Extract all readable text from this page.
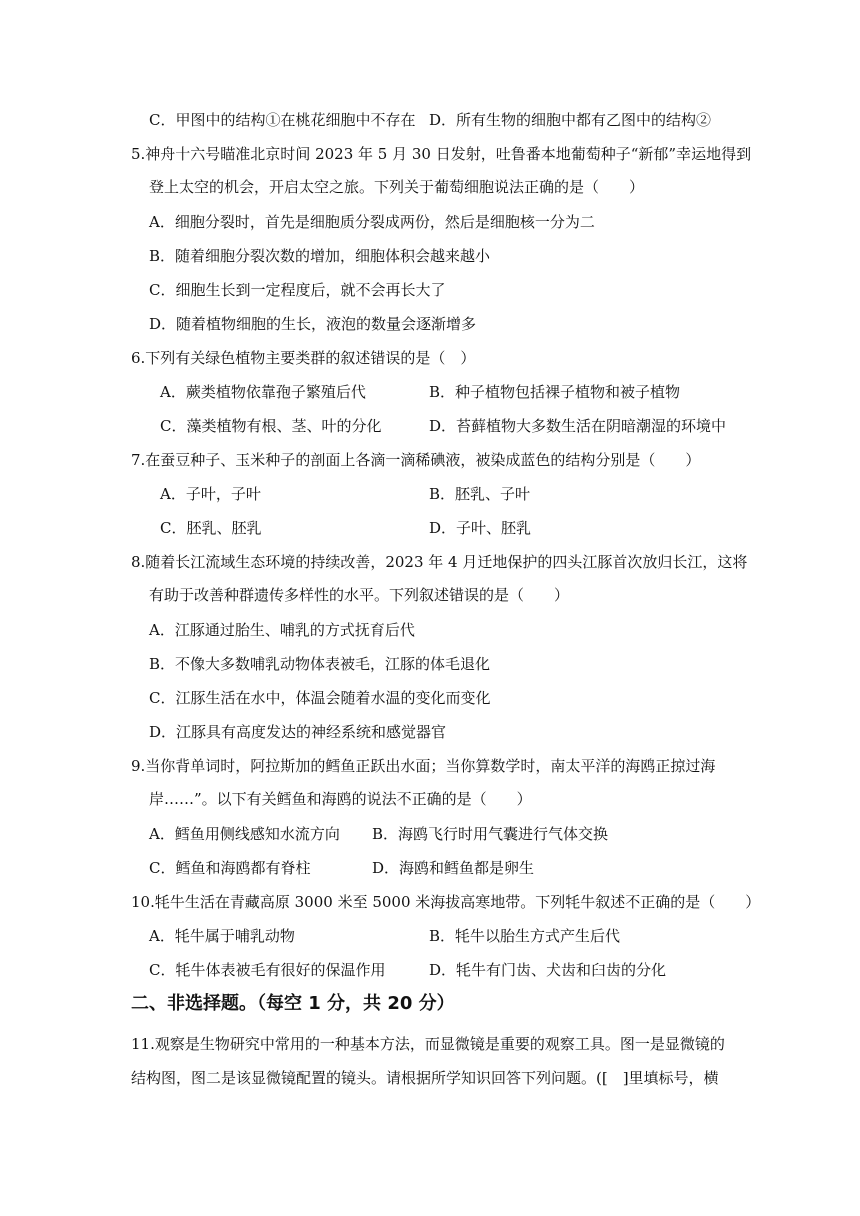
C．甲图中的结构①在桃花细胞中不存在 D．所有生物的细胞中都有乙图中的结构②
5.神舟十六号瞄准北京时间 2023 年 5 月 30 日发射，吐鲁番本地葡萄种子“新郁”幸运地得到
登上太空的机会，开启太空之旅。下列关于葡萄细胞说法正确的是（　　）
A．细胞分裂时，首先是细胞质分裂成两份，然后是细胞核一分为二
B．随着细胞分裂次数的增加，细胞体积会越来越小
C．细胞生长到一定程度后，就不会再长大了
D．随着植物细胞的生长，液泡的数量会逐渐增多
6.下列有关绿色植物主要类群的叙述错误的是（　）
A．蕨类植物依靠孢子繁殖后代	B．种子植物包括裸子植物和被子植物
C．藻类植物有根、茎、叶的分化	D．苔藓植物大多数生活在阴暗潮湿的环境中
7.在蚕豆种子、玉米种子的剖面上各滴一滴稀碘液，被染成蓝色的结构分别是（　　）
A．子叶，子叶	B．胚乳、子叶
C．胚乳、胚乳	D．子叶、胚乳
8.随着长江流域生态环境的持续改善，2023 年 4 月迁地保护的四头江豚首次放归长江，这将
有助于改善种群遗传多样性的水平。下列叙述错误的是（　　）
A．江豚通过胎生、哺乳的方式抚育后代
B．不像大多数哺乳动物体表被毛，江豚的体毛退化
C．江豚生活在水中，体温会随着水温的变化而变化
D．江豚具有高度发达的神经系统和感觉器官
9.当你背单词时，阿拉斯加的鳕鱼正跃出水面；当你算数学时，南太平洋的海鸥正掠过海
岸……”。以下有关鳕鱼和海鸥的说法不正确的是（　　）
A．鳕鱼用侧线感知水流方向 B．海鸥飞行时用气囊进行气体交换
C．鳕鱼和海鸥都有脊柱	D．海鸥和鳕鱼都是卵生
10.牦牛生活在青藏高原 3000 米至 5000 米海拔高寒地带。下列牦牛叙述不正确的是（　　）
A．牦牛属于哺乳动物	B．牦牛以胎生方式产生后代
C．牦牛体表被毛有很好的保温作用	D．牦牛有门齿、犬齿和臼齿的分化
二、非选择题。（每空 1 分，共 20 分）
11.观察是生物研究中常用的一种基本方法，而显微镜是重要的观察工具。图一是显微镜的
结构图，图二是该显微镜配置的镜头。请根据所学知识回答下列问题。([　]里填标号，横
